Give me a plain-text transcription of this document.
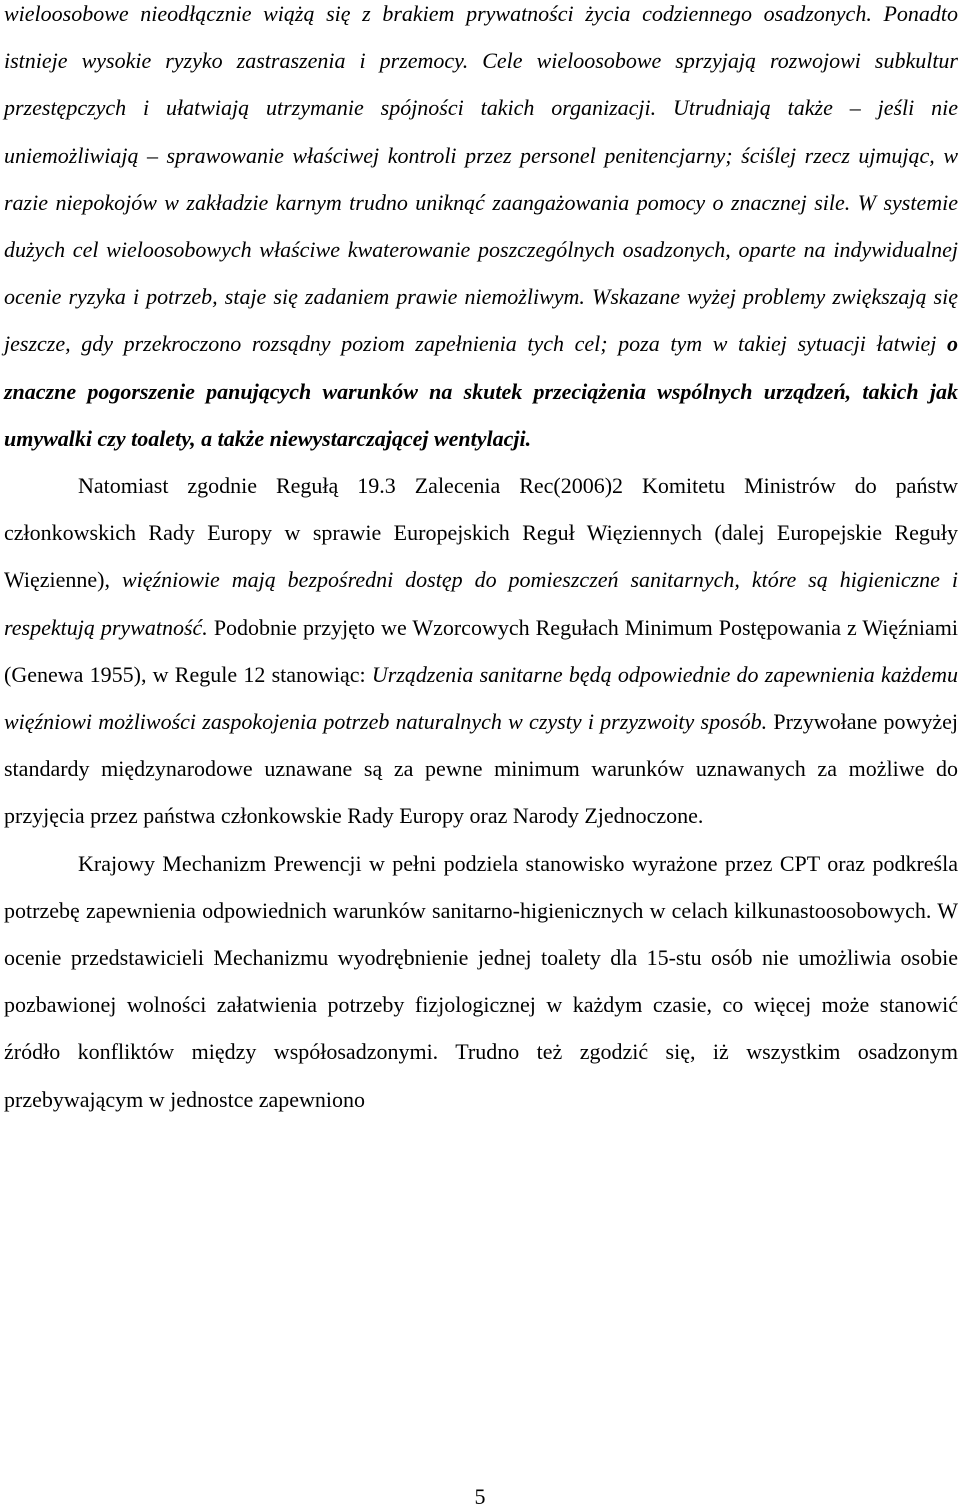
wieloosobowe nieodłącznie wiążą się z brakiem prywatności życia codziennego osadzonych. Ponadto istnieje wysokie ryzyko zastraszenia i przemocy. Cele wieloosobowe sprzyjają rozwojowi subkultur przestępczych i ułatwiają utrzymanie spójności takich organizacji. Utrudniają także – jeśli nie uniemożliwiają – sprawowanie właściwej kontroli przez personel penitencjarny; ściślej rzecz ujmując, w razie niepokojów w zakładzie karnym trudno uniknąć zaangażowania pomocy o znacznej sile. W systemie dużych cel wieloosobowych właściwe kwaterowanie poszczególnych osadzonych, oparte na indywidualnej ocenie ryzyka i potrzeb, staje się zadaniem prawie niemożliwym. Wskazane wyżej problemy zwiększają się jeszcze, gdy przekroczono rozsądny poziom zapełnienia tych cel; poza tym w takiej sytuacji łatwiej o znaczne pogorszenie panujących warunków na skutek przeciążenia wspólnych urządzeń, takich jak umywalki czy toalety, a także niewystarczającej wentylacji.

Natomiast zgodnie Regułą 19.3 Zalecenia Rec(2006)2 Komitetu Ministrów do państw członkowskich Rady Europy w sprawie Europejskich Reguł Więziennych (dalej Europejskie Reguły Więzienne), więźniowie mają bezpośredni dostęp do pomieszczeń sanitarnych, które są higieniczne i respektują prywatność. Podobnie przyjęto we Wzorcowych Regułach Minimum Postępowania z Więźniami (Genewa 1955), w Regule 12 stanowiąc: Urządzenia sanitarne będą odpowiednie do zapewnienia każdemu więźniowi możliwości zaspokojenia potrzeb naturalnych w czysty i przyzwoity sposób. Przywołane powyżej standardy międzynarodowe uznawane są za pewne minimum warunków uznawanych za możliwe do przyjęcia przez państwa członkowskie Rady Europy oraz Narody Zjednoczone.

Krajowy Mechanizm Prewencji w pełni podziela stanowisko wyrażone przez CPT oraz podkreśla potrzebę zapewnienia odpowiednich warunków sanitarno-higienicznych w celach kilkunastoosobowych. W ocenie przedstawicieli Mechanizmu wyodrębnienie jednej toalety dla 15-stu osób nie umożliwia osobie pozbawionej wolności załatwienia potrzeby fizjologicznej w każdym czasie, co więcej może stanowić źródło konfliktów między współosadzonymi. Trudno też zgodzić się, iż wszystkim osadzonym przebywającym w jednostce zapewniono

5
